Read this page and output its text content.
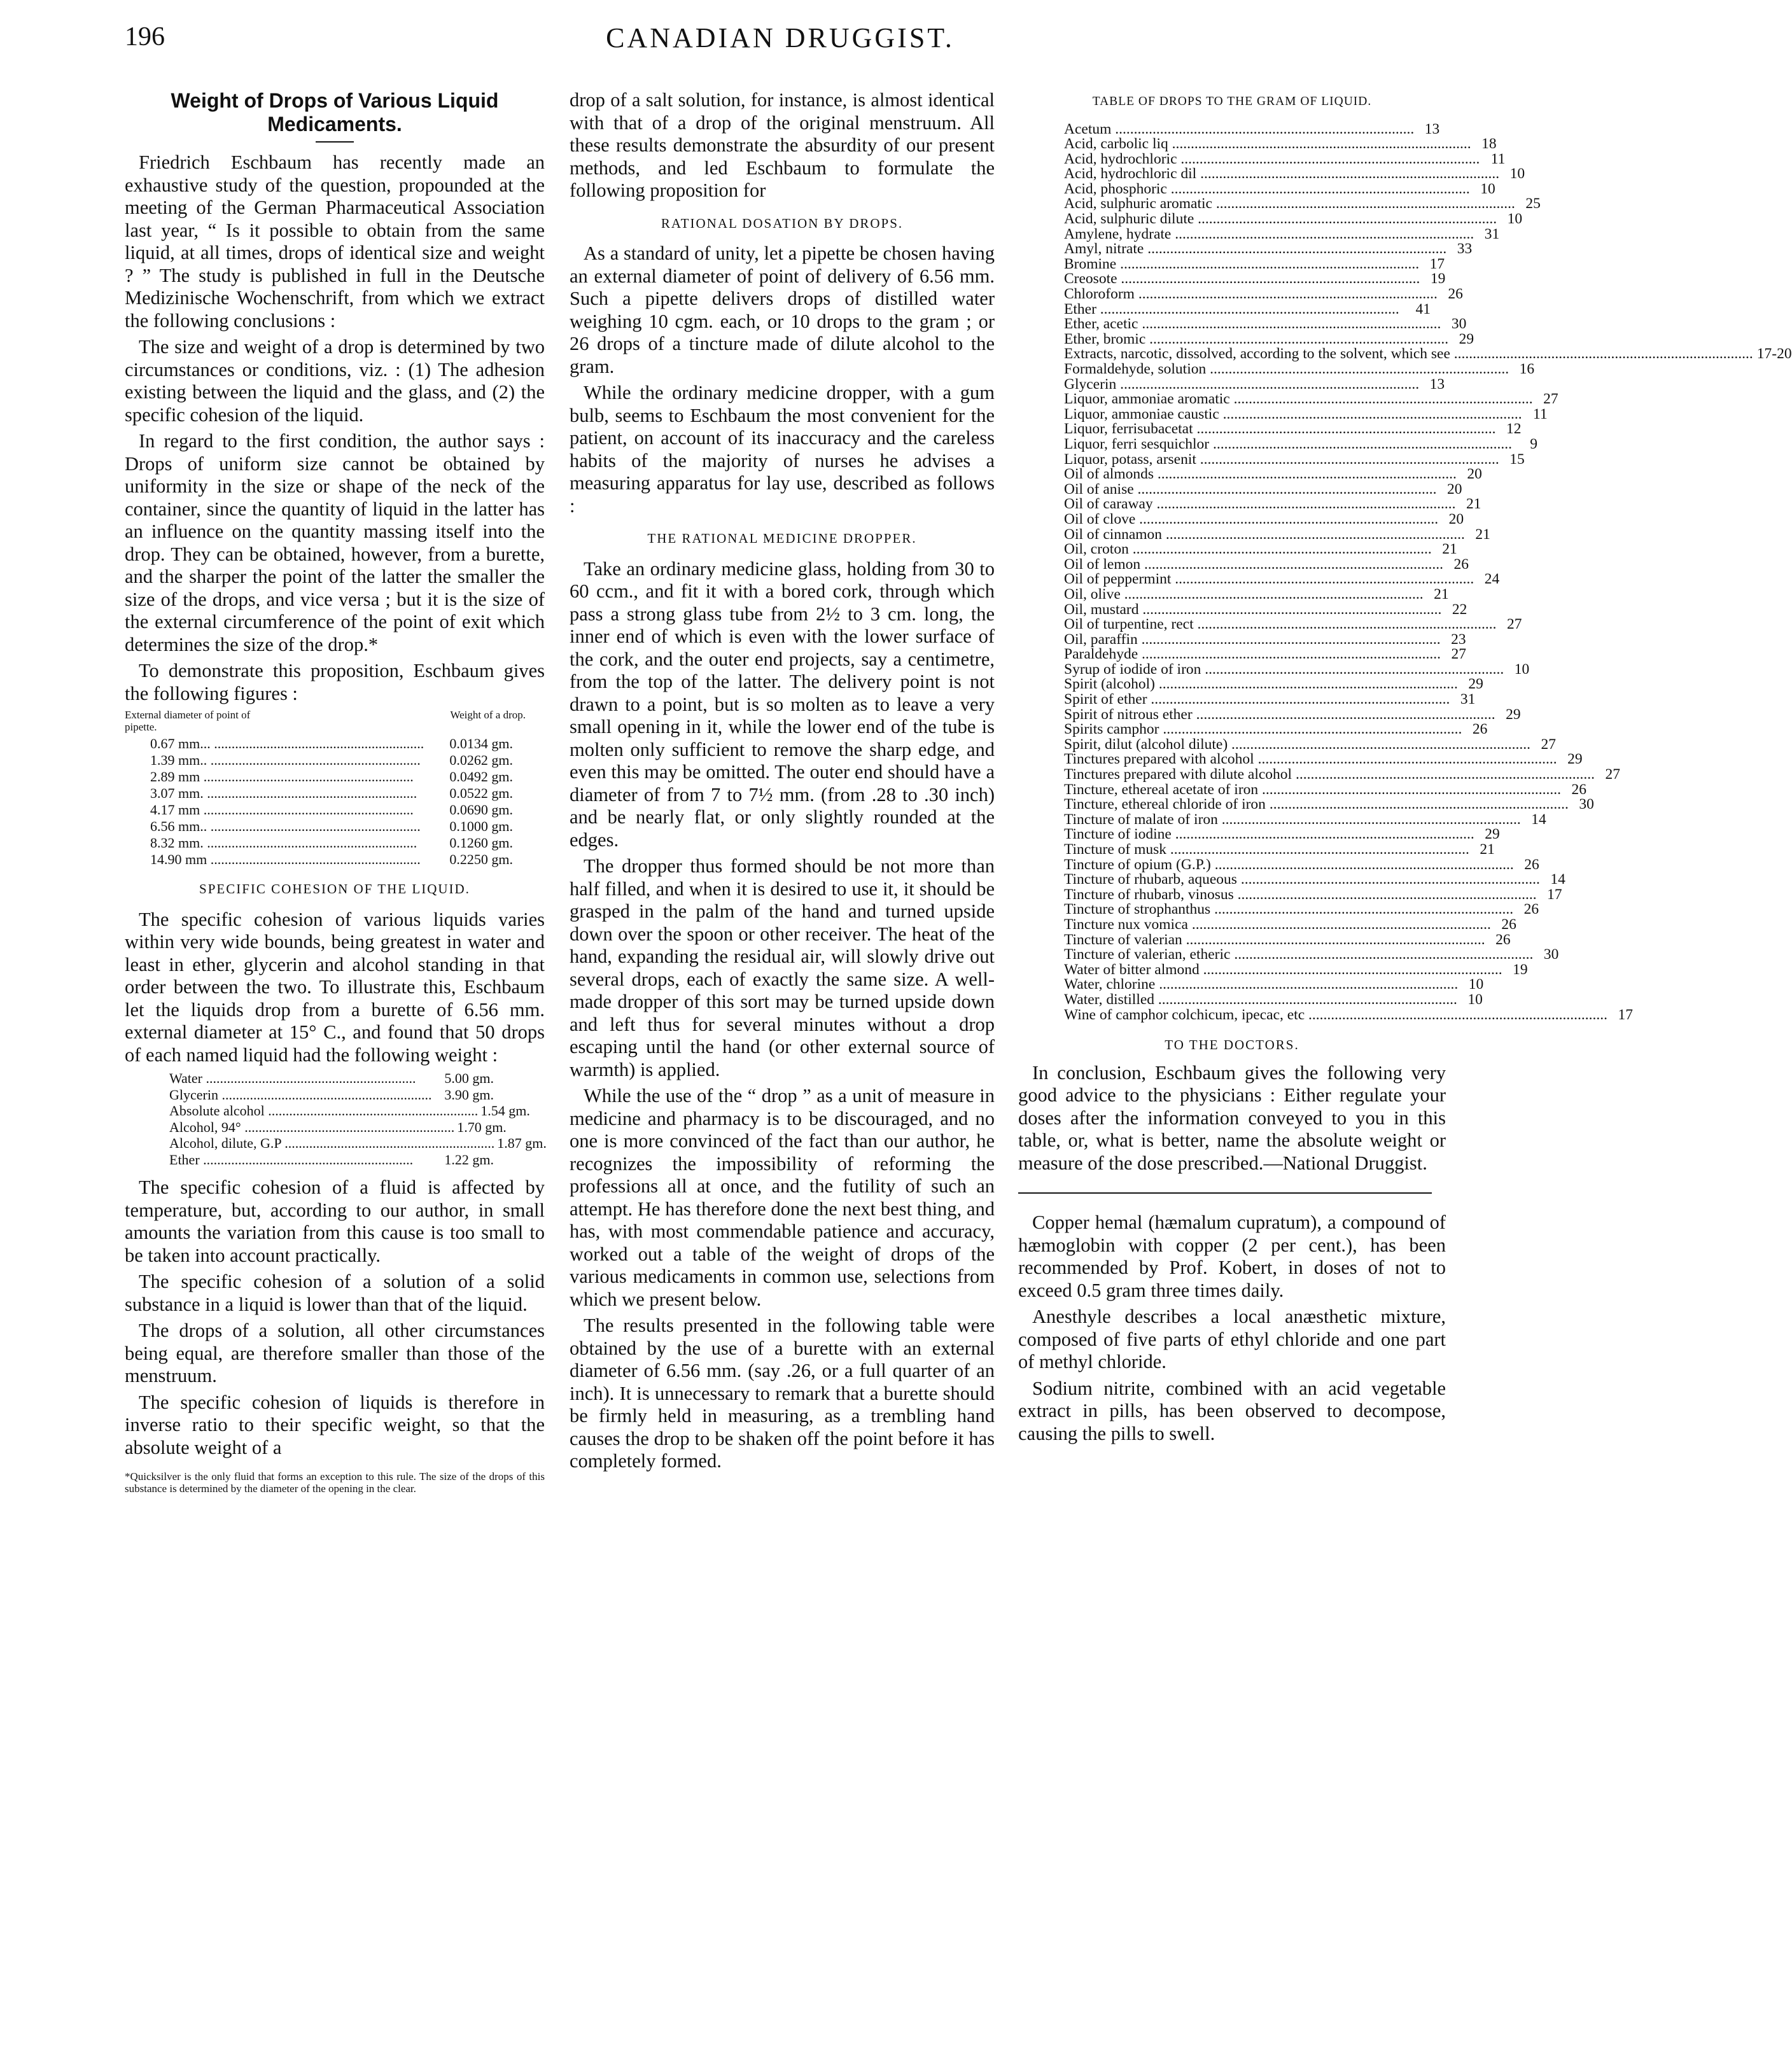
196	CANADIAN DRUGGIST.
Weight of Drops of Various Liquid Medicaments.

Friedrich Eschbaum has recently made an exhaustive study of the question, propounded at the meeting of the German Pharmaceutical Association last year, “ Is it possible to obtain from the same liquid, at all times, drops of identical size and weight ? ” The study is published in full in the Deutsche Medizinische Wochenschrift, from which we extract the following conclusions :

The size and weight of a drop is determined by two circumstances or conditions, viz. : (1) The adhesion existing between the liquid and the glass, and (2) the specific cohesion of the liquid.

In regard to the first condition, the author says : Drops of uniform size cannot be obtained by uniformity in the size or shape of the neck of the container, since the quantity of liquid in the latter has an influence on the quantity massing itself into the drop. They can be obtained, however, from a burette, and the sharper the point of the latter the smaller the size of the drops, and vice versa ; but it is the size of the external circumference of the point of exit which determines the size of the drop.*

To demonstrate this proposition, Eschbaum gives the following figures :

External diameter of point of pipette.
Weight of a drop.
0.67 mm... .....	0.0134 gm.
1.39 mm.. .....	0.0262 gm.
2.89 mm .....	0.0492 gm.
3.07 mm. .....	0.0522 gm.
4.17 mm .....	0.0690 gm.
6.56 mm.. .....	0.1000 gm.
8.32 mm. .....	0.1260 gm.
14.90 mm .....	0.2250 gm.
SPECIFIC COHESION OF THE LIQUID.

The specific cohesion of various liquids varies within very wide bounds, being greatest in water and least in ether, glycerin and alcohol standing in that order between the two. To illustrate this, Eschbaum let the liquids drop from a burette of 6.56 mm. external diameter at 15° C., and found that 50 drops of each named liquid had the following weight :

Water .....	5.00 gm.
Glycerin .....	3.90 gm.
Absolute alcohol .....	1.54 gm.
Alcohol, 94° .....	1.70 gm.
Alcohol, dilute, G.P .....	1.87 gm.
Ether .....	1.22 gm.

The specific cohesion of a fluid is affected by temperature, but, according to our author, in small amounts the variation from this cause is too small to be taken into account practically.

The specific cohesion of a solution of a solid substance in a liquid is lower than that of the liquid.

The drops of a solution, all other circumstances being equal, are therefore smaller than those of the menstruum.

The specific cohesion of liquids is therefore in inverse ratio to their specific weight, so that the absolute weight of a

*Quicksilver is the only fluid that forms an exception to this rule. The size of the drops of this substance is determined by the diameter of the opening in the clear.

drop of a salt solution, for instance, is almost identical with that of a drop of the original menstruum. All these results demonstrate the absurdity of our present methods, and led Eschbaum to formulate the following proposition for

RATIONAL DOSATION BY DROPS.

As a standard of unity, let a pipette be chosen having an external diameter of point of delivery of 6.56 mm. Such a pipette delivers drops of distilled water weighing 10 cgm. each, or 10 drops to the gram ; or 26 drops of a tincture made of dilute alcohol to the gram.

While the ordinary medicine dropper, with a gum bulb, seems to Eschbaum the most convenient for the patient, on account of its inaccuracy and the careless habits of the majority of nurses he advises a measuring apparatus for lay use, described as follows :

THE RATIONAL MEDICINE DROPPER.

Take an ordinary medicine glass, holding from 30 to 60 ccm., and fit it with a bored cork, through which pass a strong glass tube from 2½ to 3 cm. long, the inner end of which is even with the lower surface of the cork, and the outer end projects, say a centimetre, from the top of the latter. The delivery point is not drawn to a point, but is so molten as to leave a very small opening in it, while the lower end of the tube is molten only sufficient to remove the sharp edge, and even this may be omitted. The outer end should have a diameter of from 7 to 7½ mm. (from .28 to .30 inch) and be nearly flat, or only slightly rounded at the edges.

The dropper thus formed should be not more than half filled, and when it is desired to use it, it should be grasped in the palm of the hand and turned upside down over the spoon or other receiver. The heat of the hand, expanding the residual air, will slowly drive out several drops, each of exactly the same size. A well-made dropper of this sort may be turned upside down and left thus for several minutes without a drop escaping until the hand (or other external source of warmth) is applied.

While the use of the “ drop ” as a unit of measure in medicine and pharmacy is to be discouraged, and no one is more convinced of the fact than our author, he recognizes the impossibility of reforming the professions all at once, and the futility of such an attempt. He has therefore done the next best thing, and has, with most commendable patience and accuracy, worked out a table of the weight of drops of the various medicaments in common use, selections from which we present below.

The results presented in the following table were obtained by the use of a burette with an external diameter of 6.56 mm. (say .26, or a full quarter of an inch). It is unnecessary to remark that a burette should be firmly held in measuring, as a trembling hand causes the drop to be shaken off the point before it has completely formed.

TABLE OF DROPS TO THE GRAM OF LIQUID.
Acetum .....	13
Acid, carbolic liq .....	18
Acid, hydrochloric .....	11
Acid, hydrochloric dil .....	10
Acid, phosphoric .....	10
Acid, sulphuric aromatic .....	25
Acid, sulphuric dilute .....	10
Amylene, hydrate .....	31
Amyl, nitrate .....	33
Bromine .....	17
Creosote .....	19
Chloroform .....	26
Ether .....	41
Ether, acetic .....	30
Ether, bromic .....	29
Extracts, narcotic, dissolved, according to the solvent, which see .....	17-20
Formaldehyde, solution .....	16
Glycerin .....	13
Liquor, ammoniae aromatic .....	27
Liquor, ammoniae caustic .....	11
Liquor, ferrisubacetat .....	12
Liquor, ferri sesquichlor .....	9
Liquor, potass, arsenit .....	15
Oil of almonds .....	20
Oil of anise .....	20
Oil of caraway .....	21
Oil of clove .....	20
Oil of cinnamon .....	21
Oil, croton .....	21
Oil of lemon .....	26
Oil of peppermint .....	24
Oil, olive .....	21
Oil, mustard .....	22
Oil of turpentine, rect .....	27
Oil, paraffin .....	23
Paraldehyde .....	27
Syrup of iodide of iron .....	10
Spirit (alcohol) .....	29
Spirit of ether .....	31
Spirit of nitrous ether .....	29
Spirits camphor .....	26
Spirit, dilut (alcohol dilute) .....	27
Tinctures prepared with alcohol .....	29
Tinctures prepared with dilute alcohol .....	27
Tincture, ethereal acetate of iron .....	26
Tincture, ethereal chloride of iron .....	30
Tincture of malate of iron .....	14
Tincture of iodine .....	29
Tincture of musk .....	21
Tincture of opium (G.P.) .....	26
Tincture of rhubarb, aqueous .....	14
Tincture of rhubarb, vinosus .....	17
Tincture of strophanthus .....	26
Tincture nux vomica .....	26
Tincture of valerian .....	26
Tincture of valerian, etheric .....	30
Water of bitter almond .....	19
Water, chlorine .....	10
Water, distilled .....	10
Wine of camphor colchicum, ipecac, etc .....	17
TO THE DOCTORS.

In conclusion, Eschbaum gives the following very good advice to the physicians : Either regulate your doses after the information conveyed to you in this table, or, what is better, name the absolute weight or measure of the dose prescribed.—National Druggist.

Copper hemal (hæmalum cupratum), a compound of hæmoglobin with copper (2 per cent.), has been recommended by Prof. Kobert, in doses of not to exceed 0.5 gram three times daily.

Anesthyle describes a local anæsthetic mixture, composed of five parts of ethyl chloride and one part of methyl chloride.

Sodium nitrite, combined with an acid vegetable extract in pills, has been observed to decompose, causing the pills to swell.
